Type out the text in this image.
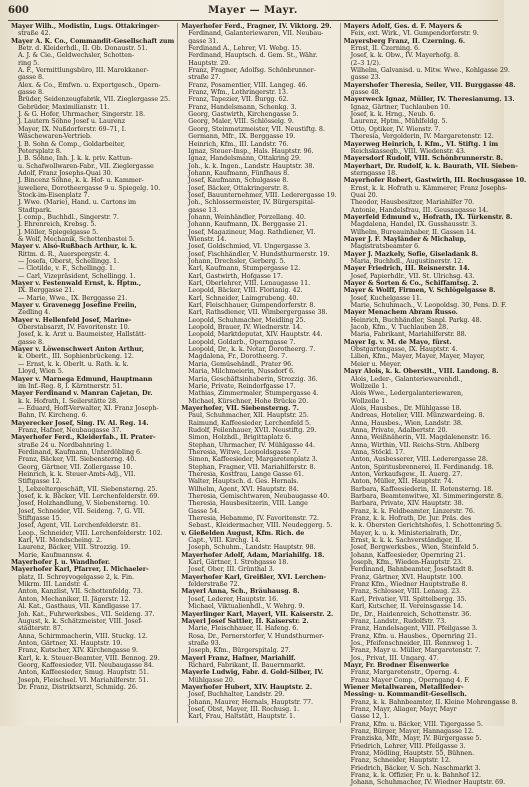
600	Mayer — Mayr.
Mayer Wilh., Modistin, Lugs. Ottakringer-
straße 42.
Mayer A. K. Co., Commandit-Gesellschaft zum
Betr. d. Kleiderhdl., II. Ob. Donaustr. 51.
A. J. & Cie., Geldwechsler, Schotten-
ring 5.
A. F., Vermittlungsbüro, III. Marokkaner-
gasse 8.
Alex. & Co., Emfwn. u. Exportgesch., Opern-
gasse 8.
Brüder, Seidenzeugfabrik, VII. Zieglergasse 25.
Gebrüder, Maximilianstr. 11.
J. & G. Hofer, Uhrmacher, Singerstr. 18.
J. Lautern Söhne Josef u. Laurenz
Mayer, IX. Nußdorferstr. 69–71, I.
Wäschewaren-Vertrieb.
J. B. Sohn & Comp., Goldarbeiter,
Petersplatz 8.
J. B. Söhne, Inh. J. k. k. priv. Kattun-
u. Schafwollwaren-Fabr., VII. Zieglergasse
Adolf, Franz Josephs-Quai 30.
J. Bincenz Söhne, k. k. Hof- u. Kammer-
juweliere, Dorotheergasse 9 u. Spiegelg. 10.
Stock-im-Eisenplatz 7.
J. Wwe. (Marie), Hand. u. Cartons im
Stadtpark.
J. comp., Buchhdl., Singerstr. 7.
J. Ehrenreich, Krebsg. 5.
J. Möller, Spiegelgasse 5.
& Wolf, Mechanik, Schottenbastei 5.
Mayer v. Alsó-Rußbach Arthur, k. k.
Rittm. d. R., Auerspergstr. 4.
— Josefa, Oberst, Schellingg. 1.
— Clotilde, v. F., Schellingg. 1.
— Carl, Vizepräsident, Schellingg. 1.
Mayer v. Festenwald Ernst, k. Hptm.,
IX. Berggasse 21.
— Marie, Wwe., IX. Berggasse 21.
Mayer v. Gravenegg Josefine Freiin,
Zedling 4.
Mayer v. Hellenfeld Josef, Marine-
Oberstabsarzt, IV. Favoritenstr. 10.
Josef, k. k. Arzt u. Baumeister, Hallstätt-
gasse 8.
Mayer v. Löwenschwert Anton Arthur,
k. Oberlt., III. Sophienbrückeng. 12.
— Ernst, k. k. Oberlt. u. Rath. k. k.
Lloyd, Wien 5.
Mayer v. Marnega Edmund, Hauptmann
im Inf.-Reg. 8, I. Kärntnerstr. 51.
Mayer Ferdinand v. Manran Cajetan, Dr.
k. k. Hofrath, I. Seilerstätte 28.
— Eduard, Hoff-Verwalter, XI. Franz Joseph-
Bahn, IV. Kircheng. 6.
Mayerecker Josef, Sing. IV. Al. Reg. 14.
Franz, Hafner, Neubaugasse 37.
Mayerhofer Ferd., Kleiderfab., II. Prater-
straße 24 u. Nordbahnring 1.
Ferdinand, Kaufmann, Unterdöbling 6.
Franz, Bäcker, VII. Siebensterng. 40.
Georg, Gärtner, VII. Zollergasse 10.
Heinrich, k. k. Steuer-Amts-Adj., VII.
Stiftgasse 12.
J., Lebzeltergeschäft, VII. Siebensterng. 25.
Josef, k. k. Bäcker, VII. Lerchenfelderstr. 69.
Josef, Holzhandlung, V. Siebensterng. 10.
Josef, Schneider, VII. Seideng. 7, G. VII.
Stiftgasse 15.
Josef, Agent, VII. Lerchenfelderstr. 81.
Leop., Schneider, VIII. Lerchenfelderstr. 102.
Karl, VII. Mondscheing. 2.
Laurenz, Bäcker, VIII. Strozzig. 19.
Marie, Kaufmannsw. 4.
Mayerhofer J. u. Wandhofer.
Mayerhofer Karl, Pfarrer, I. Michaeler-
platz, II. Schreyvogelgasse 2, k. Fin.
Mikrm. III. Landstr. 4.
Anton, Kanzlist, VII. Schottenfeldg. 73.
Anton, Mechaniker, II. Jägerstr. 12.
Al. Kat., Gasthaus, VII. Kandlgasse 17.
Joh. Kat., Fuhrwerksbes., VII. Seideng. 37.
August, k. k. Schätzmeister, VIII. Josef-
städterstr. 87.
Anna, Schirmmacherin, VIII. Stuckg. 12.
Anton, Gärtner, XI. Hauptstr. 19.
Franz, Kutscher, XIV. Kirchengasse 9.
Karl, k. k. Steuer-Beamter, VIII. Bennog. 29.
Georg, Kaffeesieder, VII. Neubaugasse 84.
Anton, Kaffeesieder, Smug. Hauptstr. 51.
Joseph, Fleischsel. VI. Mariahilferstr. 51.
Dr. Franz, Distriktsarzt, Schmidg. 26.
Mayerhofer Ferd., Fragner, IV. Viktorg. 29.
Ferdinand, Galanteriewaren, VII. Neubau-
gasse 31.
Ferdinand A., Lehrer, VI. Webg. 15.
Ferdinand, Hauptsch. d. Gem. St., Währ.
Hauptstr. 29.
Franz, Fragner, Adolfsg. Schönbrunner-
straße 27.
Franz, Posamentier, VIII. Langeg. 46.
Franz, Wfm., Lothringerstr. 13.
Franz, Tapezier, VII. Burgg. 62.
Franz, Handelsmann, Schenkg. 3.
Georg, Gastwirth, Kirchengasse 5.
Georg, Maler, VIII. Schlösselg. 9.
Georg, Steinmetzmeister, VII. Neustiftg. 8.
Germann, Mfr., IX. Berggasse 19.
Heinrich, Kfm., III. Landstr. 76.
Ignaz, Steuer-Insp., Hals. Hauptstr. 96.
Ignaz, Handelsmann, Ottakring 29.
Joh., k. k. Ingen., Landstr. Hauptstr. 38.
Johann, Kaufmann, Fünfhaus 8.
Josef, Kaufmann, Schulgasse 8.
Josef, Bäcker, Ottakringerstr. 8.
Josef, Bauunternehmer, VIII. Lederergasse 19.
Joh., Schlossermeister, IV. Bürgerspital-
gasse 13.
Johann, Weinhändler, Porzellang. 40.
Johann, Kaufmann, IX. Berggasse 21.
Josef, Magazineur, Mag. Rathdiener, VI.
Wienstr. 14.
Josef, Goldschmied, VI. Ungergasse 3.
Josef, Fischhändler, V. Hundsthurmerstr. 19.
Johann, Drechsler, Gerberg. 5.
Karl, Kaufmann, Stumpergasse 12.
Karl, Gastwirth, Hofgasse 17.
Karl, Oberlehrer, VIII. Lenaugasse 11.
Leopold, Bäcker, VIII. Florianig. 42.
Karl, Schneider, Laimgrubeng. 40.
Karl, Fleischhauer, Gumpendorferstr. 8.
Karl, Rathsdiener, VII. Wimbergergasse 38.
Leopold, Schuhmacher, Meidling 25.
Leopold, Brauer, IV. Wiednerstr. 14.
Leopold, Marktdeputat, XIV. Hauptstr. 44.
Leopold, Goldarb., Operngasse 7.
Leopold, Dr., k. k. Notar, Dorotheerg. 7.
Magdalena, Fr., Dorotheerg. 7.
Maria, Gemüsehändl., Prater 96.
Maria, Milchmeierin, Nussdorf 6.
Maria, Geschäftsinhaberin, Strozzig. 36.
Marie, Private, Reindorfgasse 17.
Mathias, Zimmermaler, Stumpergasse 4.
Michael, Kürschner, Hohe Brücke 20.
Mayerhofer, VII. Siebensterng. 7.
Paul, Schuhmacher, XII. Hauptstr. 25.
Raimund, Kaffeesieder, Lerchenfeld 5.
Rudolf, Feilenhauer, XVII. Neustiftg. 29.
Simon, Holzhdl., Brigittaplatz 6.
Stephan, Uhrmacher, IV. Mühlgasse 44.
Theresia, Witwe, Leopoldsgasse 7.
Simon, Kaffeesieder, Margaretenplatz 3.
Stephan, Fragner, VII. Mariahilferstr. 8.
Theresia, Kostfrau, Lange Gasse 61.
Walter, Hauptsch. d. Ges. Hernals.
Wilhelm, Agent, XVI. Hauptstr. 84.
Theresia, Gemischtwaren, Neubaugasse 40.
Theresia, Hausbesitzerin, VIII. Lange
Gasse 54.
Theresia, Hebamme, IV. Favoritenstr. 72.
Sebast., Kleidermacher, VIII. Neudeggerg. 5.
v. Gießelden August, Kfm. Rich. de
Capt., VIII. Kirchg. 14.
Joseph, Schuhm., Landstr. Hauptstr. 98.
Mayerhofer Adolf, Adam, Mariahilfg. 18.
Karl, Gärtner, I. Strohgasse 18.
Josef, Ober, III. Grünthal 3.
Mayerhofer Karl, Greißler, XVI. Lerchen-
felderstraße 72.
Mayerl Anna, Sch., Bräuhausg. 8.
Josef, Lederer, Hauptstr. 16.
Michael, Viktualienhdl., V. Wehrg. 9.
Mayerlinger Karl, Mayerl, VII. Kaiserstr. 2.
Mayerl Josef Sattler, II. Kaiserstr. 2.
Marie, Fleischhauer, II. Hafeng. 6.
Rosa, Dr., Pernerstorfer, V. Hundsthurmer-
straße 93.
Joseph, Kfm., Bürgerspitalg. 27.
Mayerl Franz, Hafner, Mariahilf.
Richard, Fabrikant, II. Bauernmarkt.
Mayerle Ludwig, Fabr. d. Gold-Silber, IV.
Mühlgasse 20.
Mayerhofer Hubert, XIV. Hauptstr. 2.
Josef, Buchhalter, Landstr. 29.
Johann, Maurer, Hernals, Hauptstr. 77.
Josef, Obst, Mayer, III. Rochusg. 1.
Karl, Frau, Haltstätt, Hauptstr. 1.
Mayers Adolf, Ges. d. F. Mayers &
Feix, ext. Wirk., VI. Gumpendorferstr. 9.
Mayersberg Franz, II. Czerning. 6.
Ernst, II. Czerning. 6.
Josef, k. k. Obw., IV. Mayerhofg. 8.
(2–3 1/2).
Wilhelm, Galvanisd. u. Mitw. Wwe., Kohlgasse 29.
gasse 23.
Mayershofer Theresia, Seiler, VII. Burggasse 48.
gasse 48.
Mayerweck Ignaz, Müller, IV. Theresianumg. 13.
Ignaz, Gärtner, Tuchlauben 10.
Josef, k. k. Hrng., Neub. 6.
Laurenz, Hptm., Mühlfeldg. 5.
Otto, Optiker, IV. Wienstr. 7.
Theresia, Vergolderin, IV. Margaretenstr. 12.
Mayerweg Heinrich, I. Kfm., VI. Stiftg. 1 im
Reichskassegb., VIII. Wiedenstr. 43.
Mayersdorf Rudolf, VIII. Schönbrunnerstr. 8.
Mayerhart, Dr. Rudolf, k. k. Baurath, VII. Sieben-
sterngasse 18.
Mayerhofer Robert, Gastwirth, III. Rochusgasse 10.
Ernst, k. k. Hofrath u. Kämmerer, Franz Josephs-
Quai 20.
Theodor, Hausbesitzer, Mariahilfer 70.
Antonie, Handelsfrau, III. Geusaugasse 14.
Mayerfeld Edmund v., Hofrath, IX. Türkenstr. 8.
Magdalena, Handel, IX. Gusshausstr. 3.
Wilhelm, Bureauinhaber, II. Gassen 14.
Mayer J. F. Mayländer & Michalup,
Magistratsbeamter 6.
Mayer J. Mazkely, Sofie, Giseladank 8.
Maria, Buchhdl., Augustinerstr. 12.
Mayer Friedrich, III. Reisnerstr. 14.
Josef, Papierhdlr., VII. St. Ulrichsg. 43.
Mayer & Sorten & Co., Schiffamtsg. 2.
Mayer & Wolff, Firmen, V. Schlögelgasse 8.
Josef, Kuchelgasse 11.
Marie, Schuhmach., V. Leopoldsg. 30, Pens. D. F.
Mayer Menachem Abram Russo.
Heinrich, Buchhändler, Sanpl. Parkg. 48.
Jacob, Kfm., V. Tuchlauben 28.
Maria, Fabrikant, Mariahilferstr. 88.
Mayer Ig. v. M. de Mayo, fürst.
Obstgartengasse, IX. Hauptstr. 4.
Lilien, Kfm., Mayer, Mayer, Mayer, Mayer,
Meier u. Meyer.
Mayr Alois, k. k. Oberstlt., VIII. Landong. 8.
Alois, Leder-, Galanteriewarenhdl.,
Wollzeile 1.
Alois Wwe., Ledergalanteriewaren,
Wollzeile 1.
Alois, Hausbes., Dr. Mühlgasse 18.
Andreas, Hotelier, VIII. Münzwardeing. 8.
Anna, Hausbes., Wien, Landstr. 38.
Anna, Private, Adalbertstr. 20.
Anna, Weißnäherin, VII. Magdalenenstr. 16.
Anna, Wirthin, VII. Reichs-Strn. Ahlberg
Anna, Stöckl. 17.
Anton, Ausbesserer, VIII. Lederergasse 28.
Anton, Spiritusbrennerei, II. Ferdinandg. 18.
Anton, Verkaufsgew., II. Auerg. 27.
Anton, Müller, XII. Hauptstr. 74.
Barbara, Kaffeesiederin, II. Rotensterng. 18.
Barbara, Beamtenwitwe, XI. Simmeringerstr. 8.
Barbara, Private, XIV. Hauptstr. 38.
Franz, k. k. Feldbeamter, Linzerstr. 76.
Franz, k. k. Hofrath, Dr. Jur. Präs. des
k. k. Obersten Gerichtshofes, I. Schottenring 5.
Mayer, k. u. k. Ministerialrath, Dr.,
Ernst, k. k. k. Sachverständiger, II.
Josef, Bergwerksbes., Wien, Steinfeld 5.
Johann, Kaffeesieder, Opernring 21.
Joseph, Kfm., Wieden-Hauptstr. 23.
Ferdinand, Bahnbeamter, Josefstadt 8.
Franz, Gärtner, XVI. Hauptstr. 100.
Franz Kfm., Wiedner Hauptstraße 8.
Franz, Schlosser, VIII. Lenaug. 23.
Karl, Privatier, VII. Spittelbergg. 35.
Karl, Kutscher, II. Vereinsgasse 14.
Dr., Dr., Haidenreich, Schottenstr. 36.
Franz, Landstr., Rudolfstr. 73.
Franz, Handelsagent, VIII. Pfeilgasse 3.
Franz, Kfm. u. Hausbes., Opernring 21.
Jos., Pfeifenschneider, III. Rennweg 1.
Franz, Mayr u. Müller, Margaretenstr. 7.
Jos., Privat, III. Ungarg. 47.
Mayr, Fr. Brodner Eisenwerke
Franz, Margaretenstr., Operng. 4.
Franz Mayer Comp., Operngang 4. F.
Wiener Metallwaren, Metallfeder-
Messing- u. Kommandit-Gesellsch.
Franz, k. k. Bahnbeamter, II. Kleine Mohrengasse 8.
Franz, Mayr, Aliager, Mayr, Mayr
Gasse 12, 1.
Franz, Kfm. u. Bäcker, VIII. Tigergasse 5.
Franz, Bürger, Mayer, Hannagasse 12.
Franziska, Mfr., Mayr, IV. Bürgergasse 5.
Friedrich, Lehrer, VIII. Pfeilgasse 3.
Franz, Mödling, Hauptstr. 55, Bühnen.
Franz, Schneider, Hauptstr. 12.
Friedrich, Bäcker, V. Sch. Naschmarkt 3.
Franz, k. k. Offizier, Fr. u. k. Bahnhof 12.
Johann, Schuhmacher, IV. Wiedner Hauptstr. 69.
